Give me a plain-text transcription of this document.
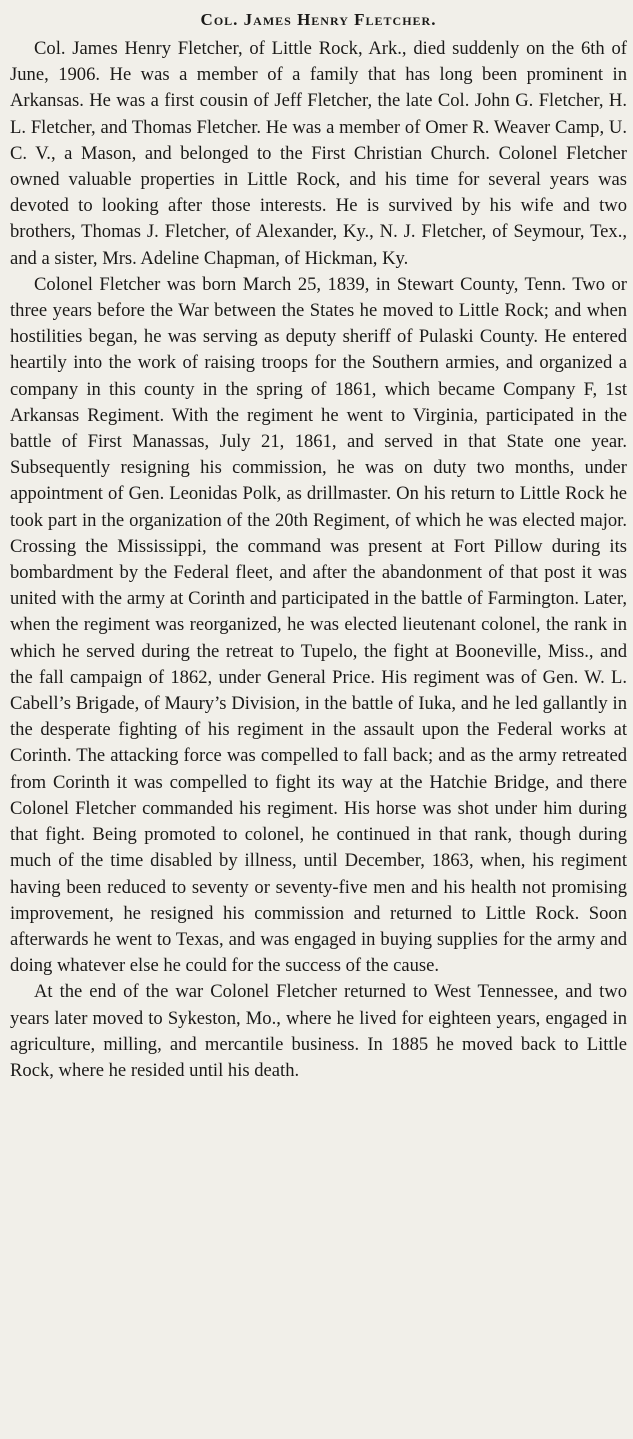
Col. James Henry Fletcher.

Col. James Henry Fletcher, of Little Rock, Ark., died suddenly on the 6th of June, 1906. He was a member of a family that has long been prominent in Arkansas. He was a first cousin of Jeff Fletcher, the late Col. John G. Fletcher, H. L. Fletcher, and Thomas Fletcher. He was a member of Omer R. Weaver Camp, U. C. V., a Mason, and belonged to the First Christian Church. Colonel Fletcher owned valuable properties in Little Rock, and his time for several years was devoted to looking after those interests. He is survived by his wife and two brothers, Thomas J. Fletcher, of Alexander, Ky., N. J. Fletcher, of Seymour, Tex., and a sister, Mrs. Adeline Chapman, of Hickman, Ky.

Colonel Fletcher was born March 25, 1839, in Stewart County, Tenn. Two or three years before the War between the States he moved to Little Rock; and when hostilities began, he was serving as deputy sheriff of Pulaski County. He entered heartily into the work of raising troops for the Southern armies, and organized a company in this county in the spring of 1861, which became Company F, 1st Arkansas Regiment. With the regiment he went to Virginia, participated in the battle of First Manassas, July 21, 1861, and served in that State one year. Subsequently resigning his commission, he was on duty two months, under appointment of Gen. Leonidas Polk, as drillmaster. On his return to Little Rock he took part in the organization of the 20th Regiment, of which he was elected major. Crossing the Mississippi, the command was present at Fort Pillow during its bombardment by the Federal fleet, and after the abandonment of that post it was united with the army at Corinth and participated in the battle of Farmington. Later, when the regiment was reorganized, he was elected lieutenant colonel, the rank in which he served during the retreat to Tupelo, the fight at Booneville, Miss., and the fall campaign of 1862, under General Price. His regiment was of Gen. W. L. Cabell’s Brigade, of Maury’s Division, in the battle of Iuka, and he led gallantly in the desperate fighting of his regiment in the assault upon the Federal works at Corinth. The attacking force was compelled to fall back; and as the army retreated from Corinth it was compelled to fight its way at the Hatchie Bridge, and there Colonel Fletcher commanded his regiment. His horse was shot under him during that fight. Being promoted to colonel, he continued in that rank, though during much of the time disabled by illness, until December, 1863, when, his regiment having been reduced to seventy or seventy-five men and his health not promising improvement, he resigned his commission and returned to Little Rock. Soon afterwards he went to Texas, and was engaged in buying supplies for the army and doing whatever else he could for the success of the cause.

At the end of the war Colonel Fletcher returned to West Tennessee, and two years later moved to Sykeston, Mo., where he lived for eighteen years, engaged in agriculture, milling, and mercantile business. In 1885 he moved back to Little Rock, where he resided until his death.
